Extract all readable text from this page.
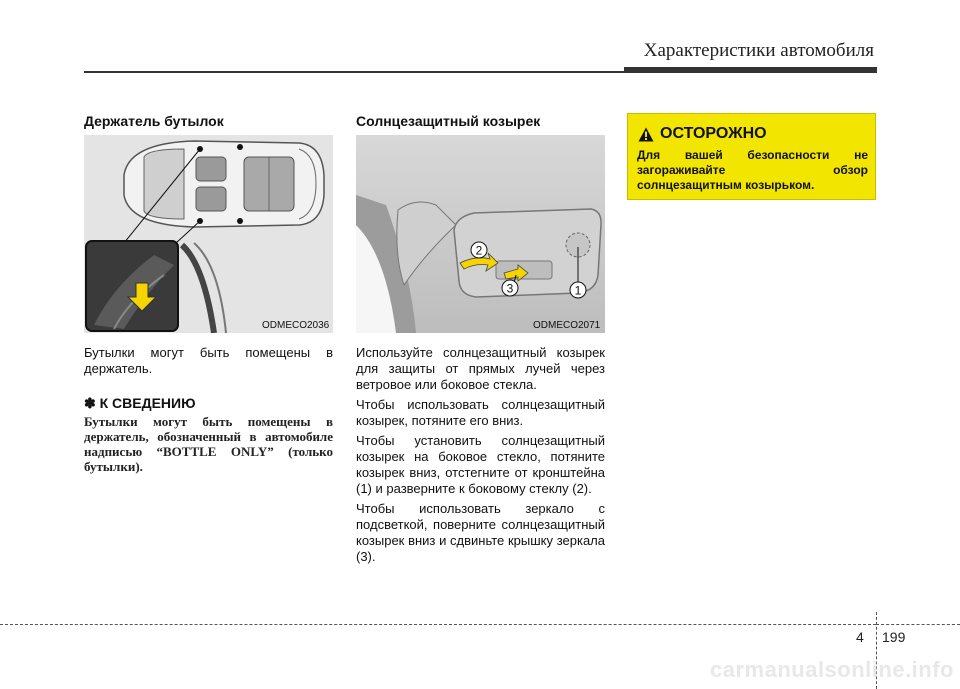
Характеристики автомобиля
Держатель бутылок
ODMECO2036
Бутылки могут быть помещены в держатель.
✽ К СВЕДЕНИЮ
Бутылки могут быть помещены в держатель, обозначенный в автомобиле надписью “BOTTLE ONLY” (только бутылки).
Солнцезащитный козырек
2
3	1
ODMECO2071

Используйте солнцезащитный козырек для защиты от прямых лучей через ветровое или боковое стекла.

Чтобы использовать солнцезащитный козырек, потяните его вниз.

Чтобы установить солнцезащитный козырек на боковое стекло, потяните козырек вниз, отстегните от кронштейна (1) и разверните к боковому стеклу (2).

Чтобы использовать зеркало с подсветкой, поверните солнцезащитный козырек вниз и сдвиньте крышку зеркала (3).

ОСТОРОЖНО
Для вашей безопасности не
загораживайте обзор
солнцезащитным козырьком.
4 199
carmanualsonline.info
